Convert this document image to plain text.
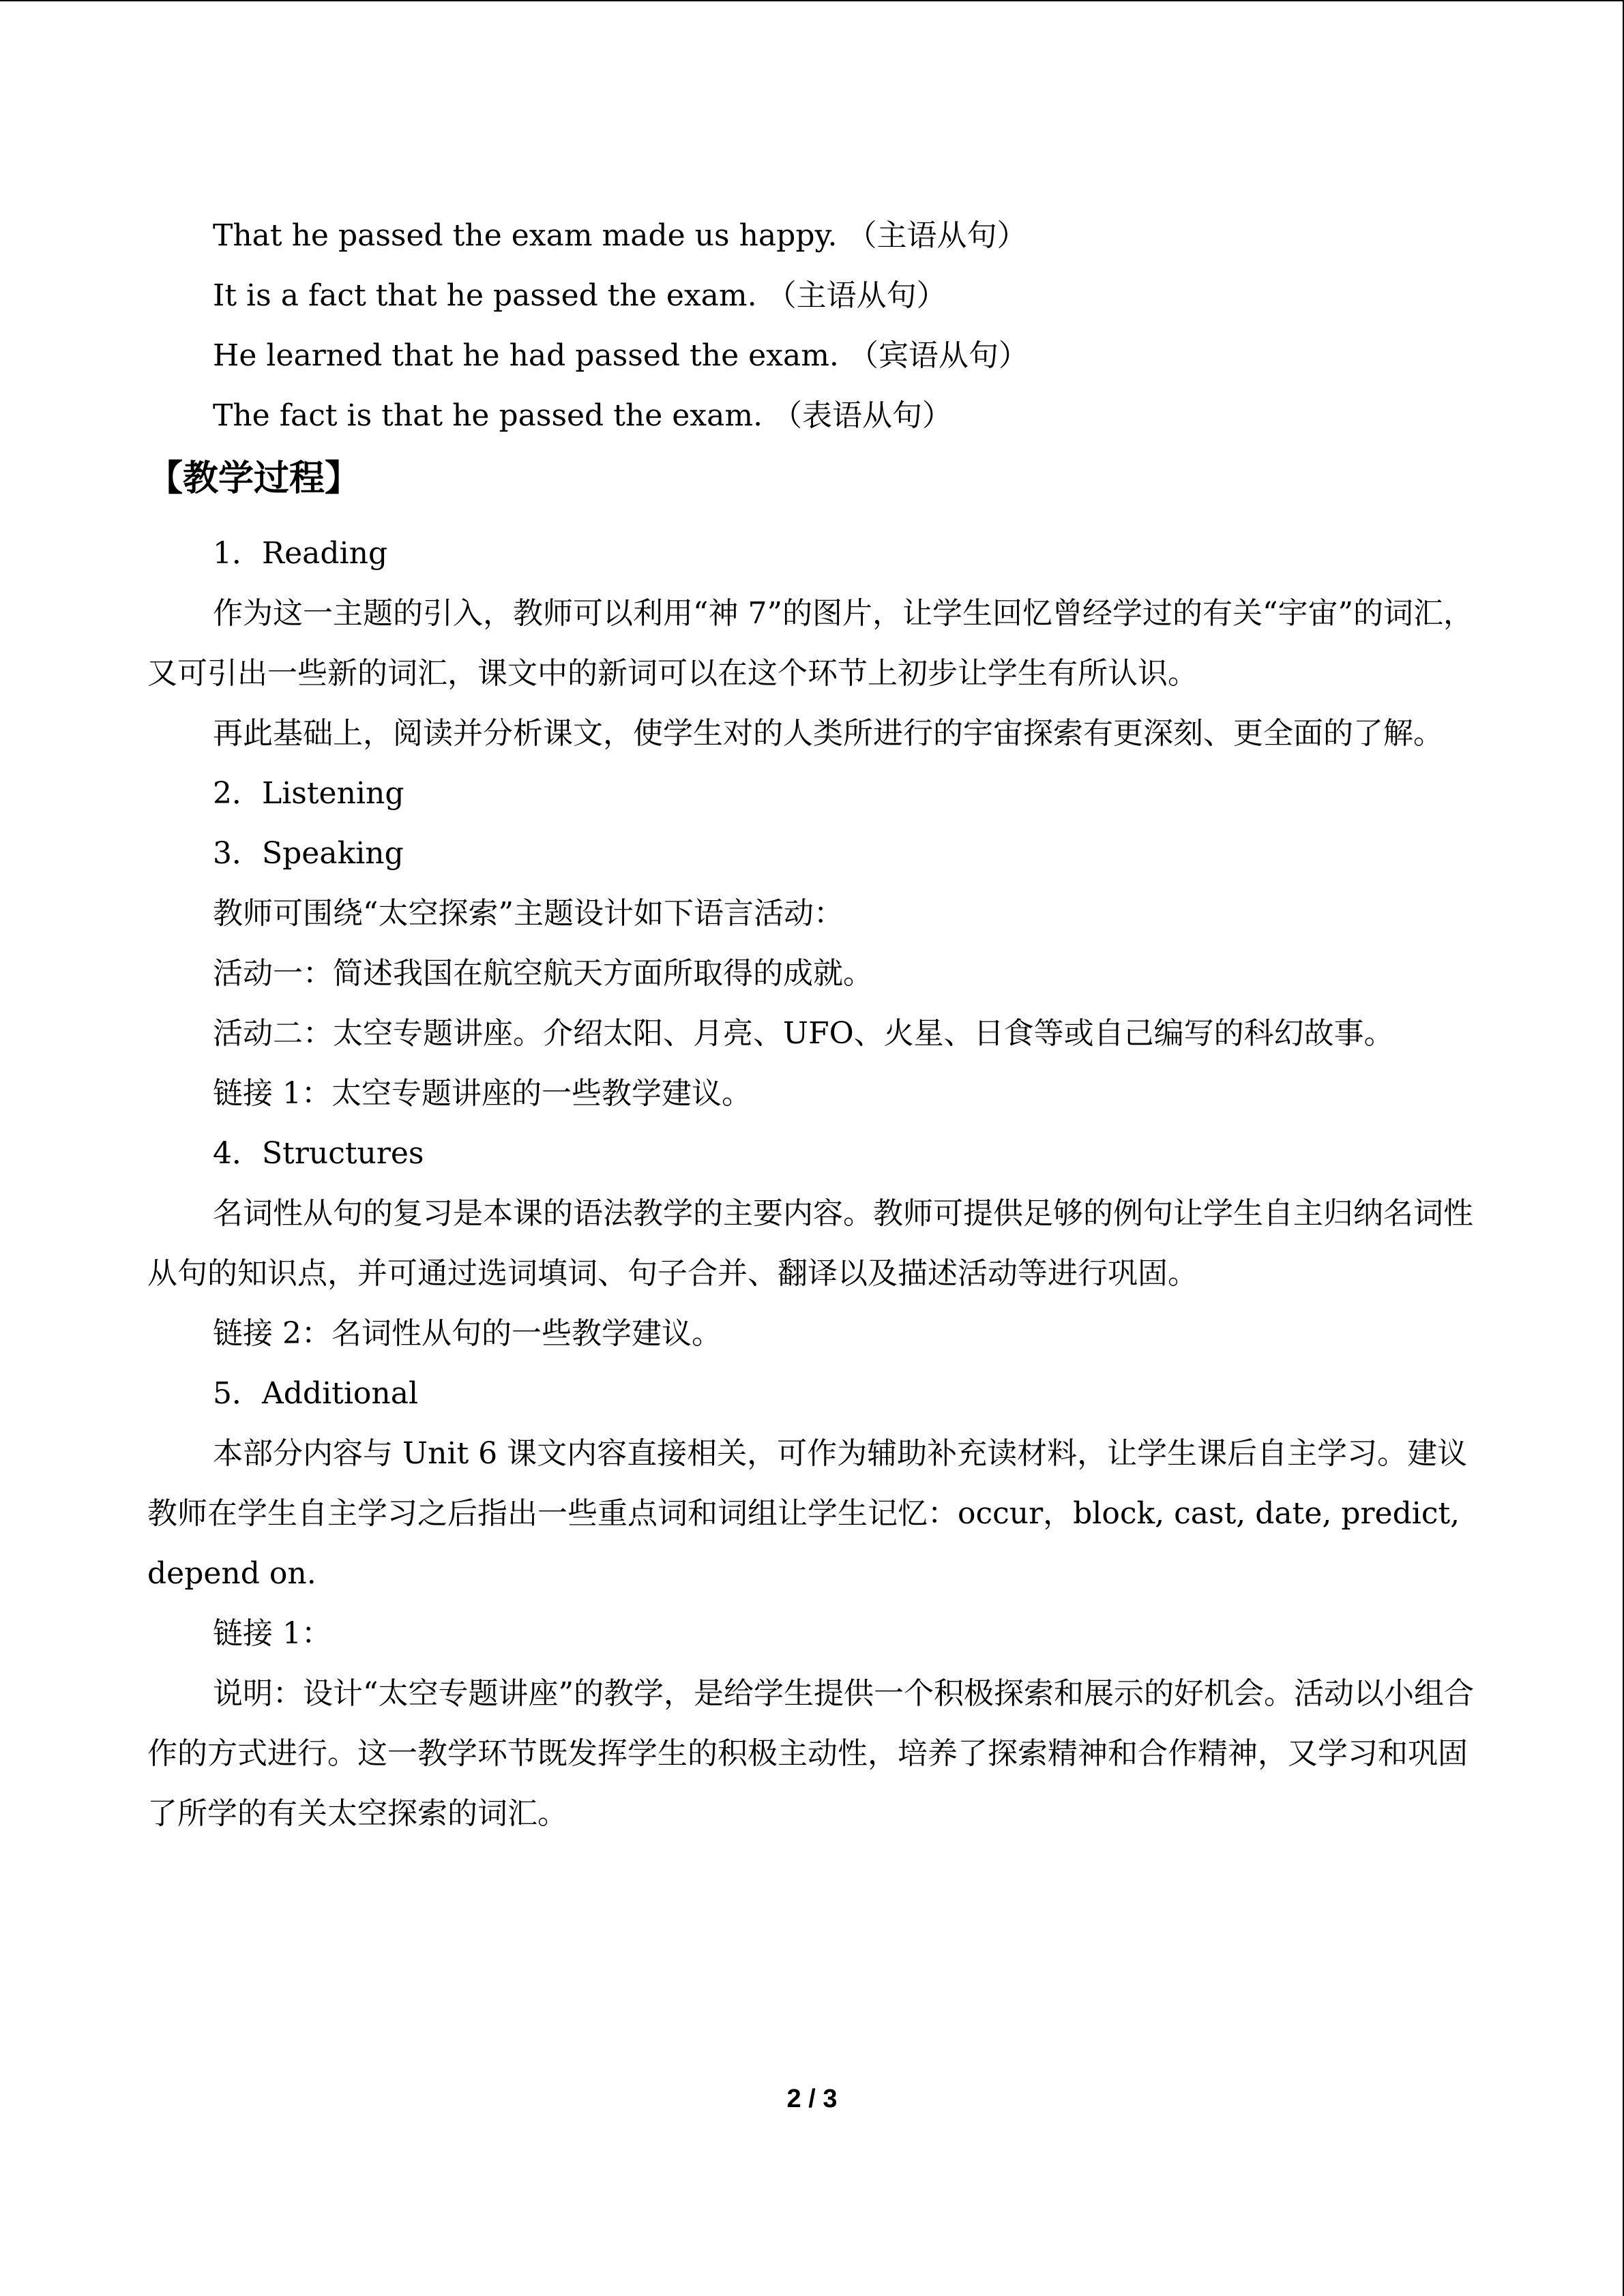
That he passed the exam made us happy. （主语从句）

It is a fact that he passed the exam. （主语从句）

He learned that he had passed the exam. （宾语从句）

The fact is that he passed the exam. （表语从句）

【教学过程】

1．Reading

作为这一主题的引入，教师可以利用“神 7”的图片，让学生回忆曾经学过的有关“宇宙”的词汇，又可引出一些新的词汇，课文中的新词可以在这个环节上初步让学生有所认识。

再此基础上，阅读并分析课文，使学生对的人类所进行的宇宙探索有更深刻、更全面的了解。

2．Listening

3．Speaking

教师可围绕“太空探索”主题设计如下语言活动：

活动一：简述我国在航空航天方面所取得的成就。

活动二：太空专题讲座。介绍太阳、月亮、UFO、火星、日食等或自己编写的科幻故事。

链接 1：太空专题讲座的一些教学建议。

4．Structures

名词性从句的复习是本课的语法教学的主要内容。教师可提供足够的例句让学生自主归纳名词性从句的知识点，并可通过选词填词、句子合并、翻译以及描述活动等进行巩固。

链接 2：名词性从句的一些教学建议。

5．Additional

本部分内容与 Unit 6 课文内容直接相关，可作为辅助补充读材料，让学生课后自主学习。建议教师在学生自主学习之后指出一些重点词和词组让学生记忆：occur，block, cast, date, predict, depend on.

链接 1：

说明：设计“太空专题讲座”的教学，是给学生提供一个积极探索和展示的好机会。活动以小组合作的方式进行。这一教学环节既发挥学生的积极主动性，培养了探索精神和合作精神，又学习和巩固了所学的有关太空探索的词汇。

2 / 3
